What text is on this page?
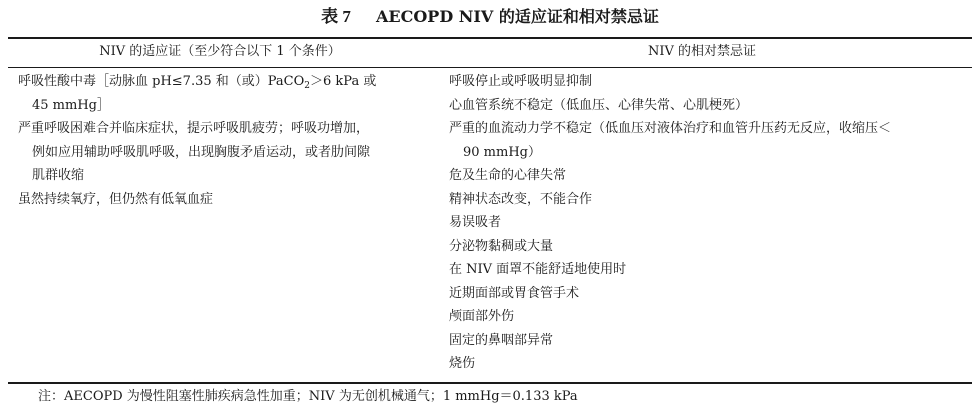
表 7 AECOPD NIV 的适应证和相对禁忌证
NIV 的适应证（至少符合以下 1 个条件）	NIV 的相对禁忌证
呼吸性酸中毒［动脉血 pH≤7.35 和（或）PaCO$_2$＞6 kPa 或
45 mmHg］
严重呼吸困难合并临床症状，提示呼吸肌疲劳；呼吸功增加，
例如应用辅助呼吸肌呼吸，出现胸腹矛盾运动，或者肋间隙
肌群收缩
虽然持续氧疗，但仍然有低氧血症
呼吸停止或呼吸明显抑制
心血管系统不稳定（低血压、心律失常、心肌梗死）
严重的血流动力学不稳定（低血压对液体治疗和血管升压药无反应，收缩压＜
90 mmHg）
危及生命的心律失常
精神状态改变，不能合作
易误吸者
分泌物黏稠或大量
在 NIV 面罩不能舒适地使用时
近期面部或胃食管手术
颅面部外伤
固定的鼻咽部异常
烧伤
注：AECOPD 为慢性阻塞性肺疾病急性加重；NIV 为无创机械通气；1 mmHg＝0.133 kPa
